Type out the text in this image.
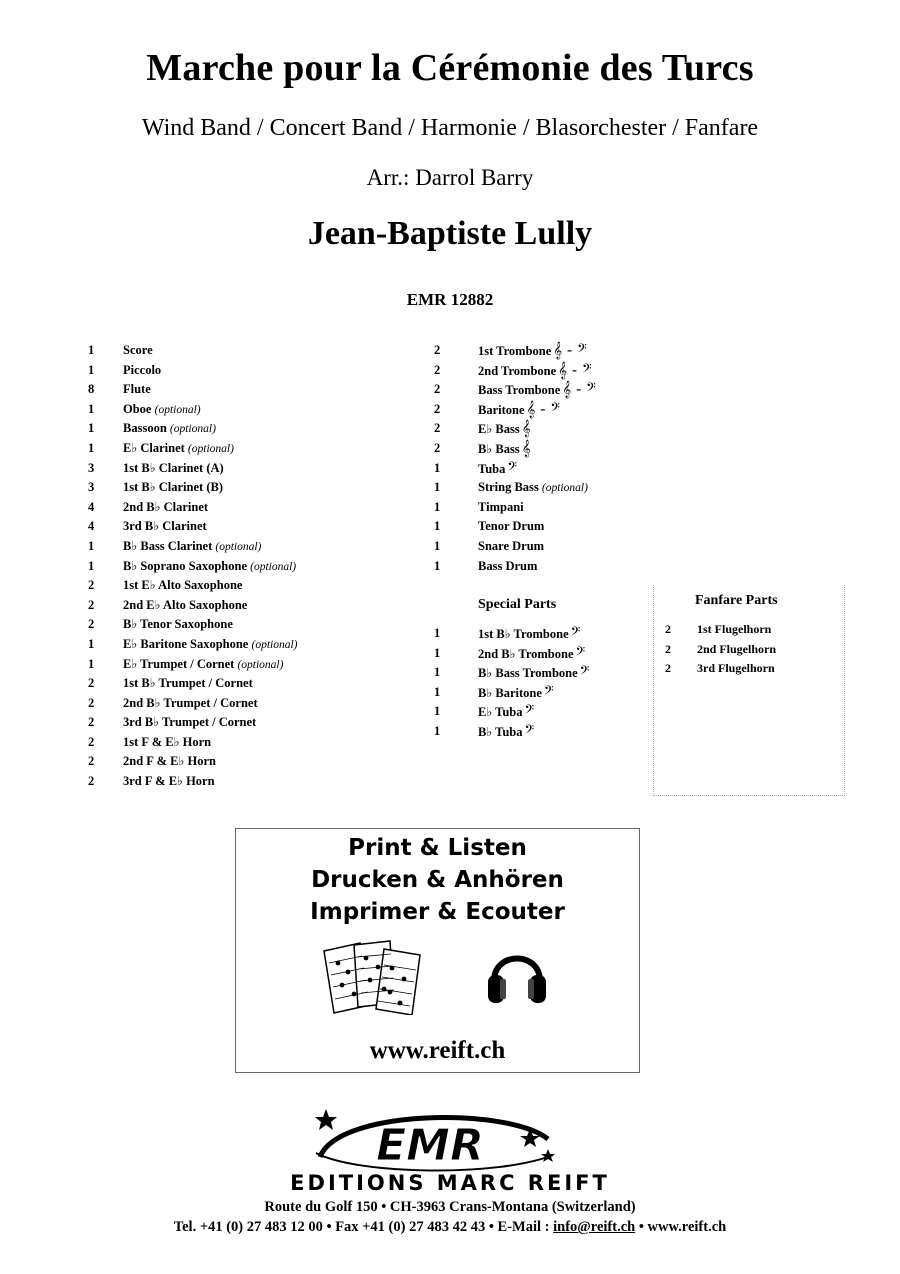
Marche pour la Cérémonie des Turcs
Wind Band / Concert Band / Harmonie / Blasorchester / Fanfare
Arr.: Darrol Barry
Jean-Baptiste Lully
EMR 12882
1 Score
1 Piccolo
8 Flute
1 Oboe (optional)
1 Bassoon (optional)
1 E♭ Clarinet (optional)
3 1st B♭ Clarinet (A)
3 1st B♭ Clarinet (B)
4 2nd B♭ Clarinet
4 3rd B♭ Clarinet
1 B♭ Bass Clarinet (optional)
1 B♭ Soprano Saxophone (optional)
2 1st E♭ Alto Saxophone
2 2nd E♭ Alto Saxophone
2 B♭ Tenor Saxophone
1 E♭ Baritone Saxophone (optional)
1 E♭ Trumpet / Cornet (optional)
2 1st B♭ Trumpet / Cornet
2 2nd B♭ Trumpet / Cornet
2 3rd B♭ Trumpet / Cornet
2 1st F & E♭ Horn
2 2nd F & E♭ Horn
2 3rd F & E♭ Horn
2	1st Trombone 𝄞 - 𝄢
2	2nd Trombone 𝄞 - 𝄢
2	Bass Trombone 𝄞 - 𝄢
2	Baritone 𝄞 - 𝄢
2	E♭ Bass 𝄞
2	B♭ Bass 𝄞
1	Tuba 𝄢
1	String Bass (optional)
1	Timpani
1	Tenor Drum
1	Snare Drum
1	Bass Drum
Special Parts
1	1st B♭ Trombone 𝄢
1	2nd B♭ Trombone 𝄢
1	B♭ Bass Trombone 𝄢
1	B♭ Baritone 𝄢
1	E♭ Tuba 𝄢
1	B♭ Tuba 𝄢
Fanfare Parts
2 1st Flugelhorn
2 2nd Flugelhorn
2 3rd Flugelhorn
Print & Listen
Drucken & Anhören
Imprimer & Ecouter
www.reift.ch
EMR
EDITIONS MARC REIFT
Route du Golf 150 • CH-3963 Crans-Montana (Switzerland)
Tel. +41 (0) 27 483 12 00 • Fax +41 (0) 27 483 42 43 • E-Mail : info@reift.ch • www.reift.ch
